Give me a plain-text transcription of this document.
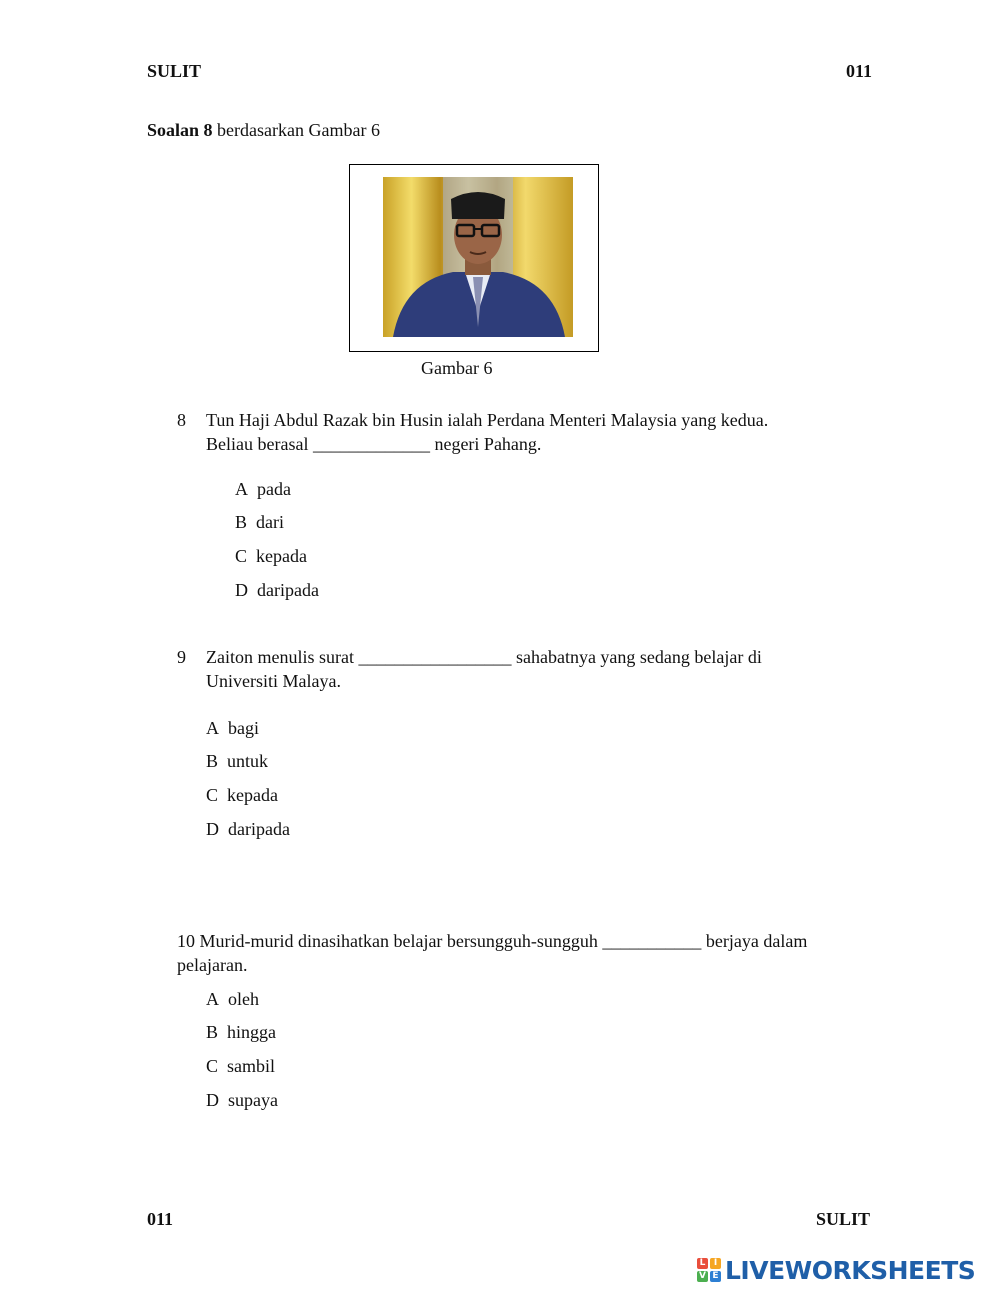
SULIT	011
Soalan 8 berdasarkan Gambar 6
Gambar 6
8 Tun Haji Abdul Razak bin Husin ialah Perdana Menteri Malaysia yang kedua.
Beliau berasal _____________ negeri Pahang.
A pada
B dari
C kepada
D daripada
9 Zaiton menulis surat _________________ sahabatnya yang sedang belajar di
Universiti Malaya.
A bagi
B untuk
C kepada
D daripada
10 Murid-murid dinasihatkan belajar bersungguh-sungguh ___________ berjaya dalam
pelajaran.
A oleh
B hingga
C sambil
D supaya
011	SULIT
L I
V E LIVEWORKSHEETS
